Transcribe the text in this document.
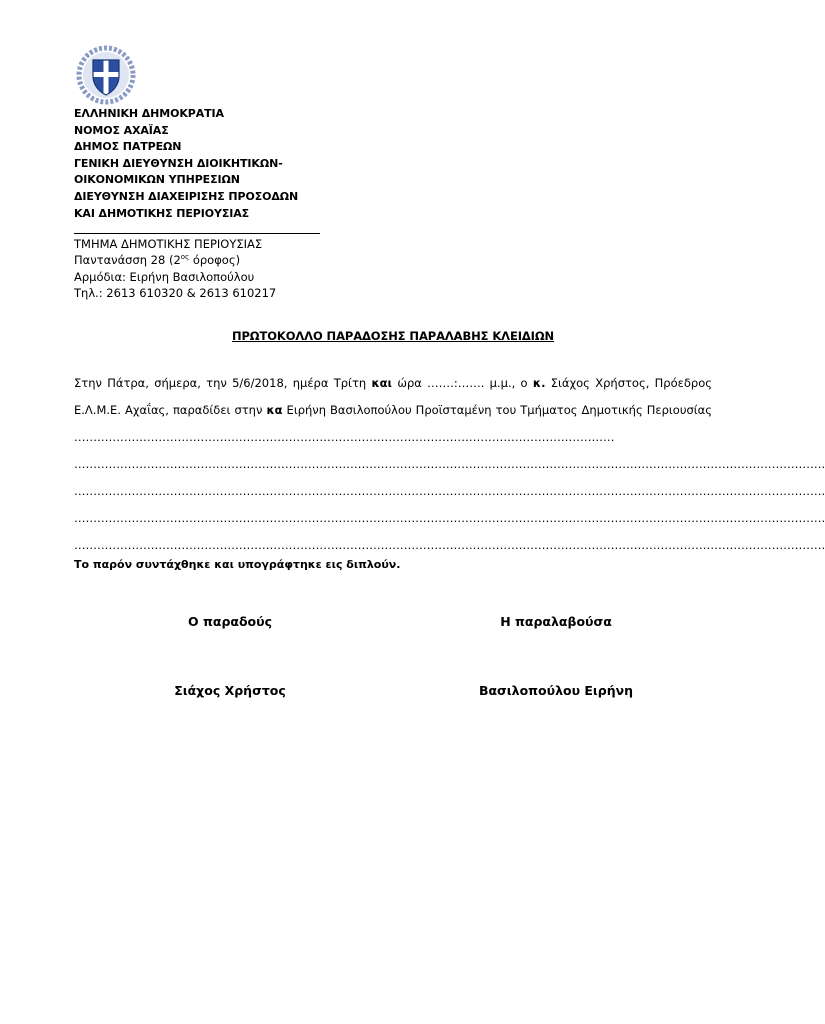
ΕΛΛΗΝΙΚΗ ΔΗΜΟΚΡΑΤΙΑ
ΝΟΜΟΣ ΑΧΑΪΑΣ
ΔΗΜΟΣ ΠΑΤΡΕΩΝ
ΓΕΝΙΚΗ ΔΙΕΥΘΥΝΣΗ ΔΙΟΙΚΗΤΙΚΩΝ-
ΟΙΚΟΝΟΜΙΚΩΝ ΥΠΗΡΕΣΙΩΝ
ΔΙΕΥΘΥΝΣΗ ΔΙΑΧΕΙΡΙΣΗΣ ΠΡΟΣΟΔΩΝ
ΚΑΙ ΔΗΜΟΤΙΚΗΣ ΠΕΡΙΟΥΣΙΑΣ
ΤΜΗΜΑ ΔΗΜΟΤΙΚΗΣ ΠΕΡΙΟΥΣΙΑΣ
Παντανάσση 28 ($2^{o\varsigma}$ όροφος)
Αρμόδια: Ειρήνη Βασιλοπούλου
Τηλ.: 2613 610320 & 2613 610217
ΠΡΩΤΟΚΟΛΛΟ ΠΑΡΑΔΟΣΗΣ ΠΑΡΑΛΑΒΗΣ ΚΛΕΙΔΙΩΝ
Στην Πάτρα, σήμερα, την 5/6/2018, ημέρα Τρίτη και ώρα …….:……. μ.μ., ο κ. Σιάχος Χρήστος, Πρόεδρος Ε.Λ.Μ.Ε. Αχαΐας, παραδίδει στην κα Ειρήνη Βασιλοπούλου Προϊσταμένη του Τμήματος Δημοτικής Περιουσίας ……………………………………………………………………………………………………………………………
…………………………………………………………………………………………………………………………………………………………………………….
…………………………………………………………………………………………………………………………………………………………………………….
…………………………………………………………………………………………………………………………………………………………………………….
…………………………………………………………………………………………………………………………………………………………………………….
Το παρόν συντάχθηκε και υπογράφτηκε εις διπλούν.
Ο παραδούς	Η παραλαβούσα
Σιάχος Χρήστος	Βασιλοπούλου Ειρήνη
